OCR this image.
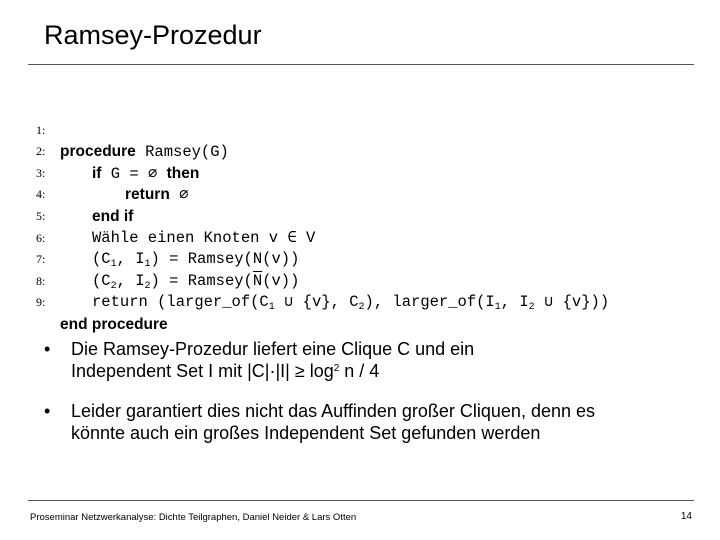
Ramsey-Prozedur

1:

procedure Ramsey(G)

2:

if G = ∅ then

3:

return ∅

4:

end if

5:

Wähle einen Knoten v ∈ V

6:

($C_1$, $I_1$) = Ramsey(N(v))

7:

($C_2$, $I_2$) = $Ramsey(\overline{N}(v))$

8:

return ($larger\_of(C_1$ ∪ {v}, $C_2$), $larger\_of(I_1$, $I_2$ ∪ {v}))

9:

end procedure

• Die Ramsey-Prozedur liefert eine Clique C und ein
Independent Set I mit $|C|\cdot|I| \ge \log^2 n / 4$
• Leider garantiert dies nicht das Auffinden großer Cliquen, denn es
könnte auch ein großes Independent Set gefunden werden
Proseminar Netzwerkanalyse: Dichte Teilgraphen, Daniel Neider & Lars Otten	14
